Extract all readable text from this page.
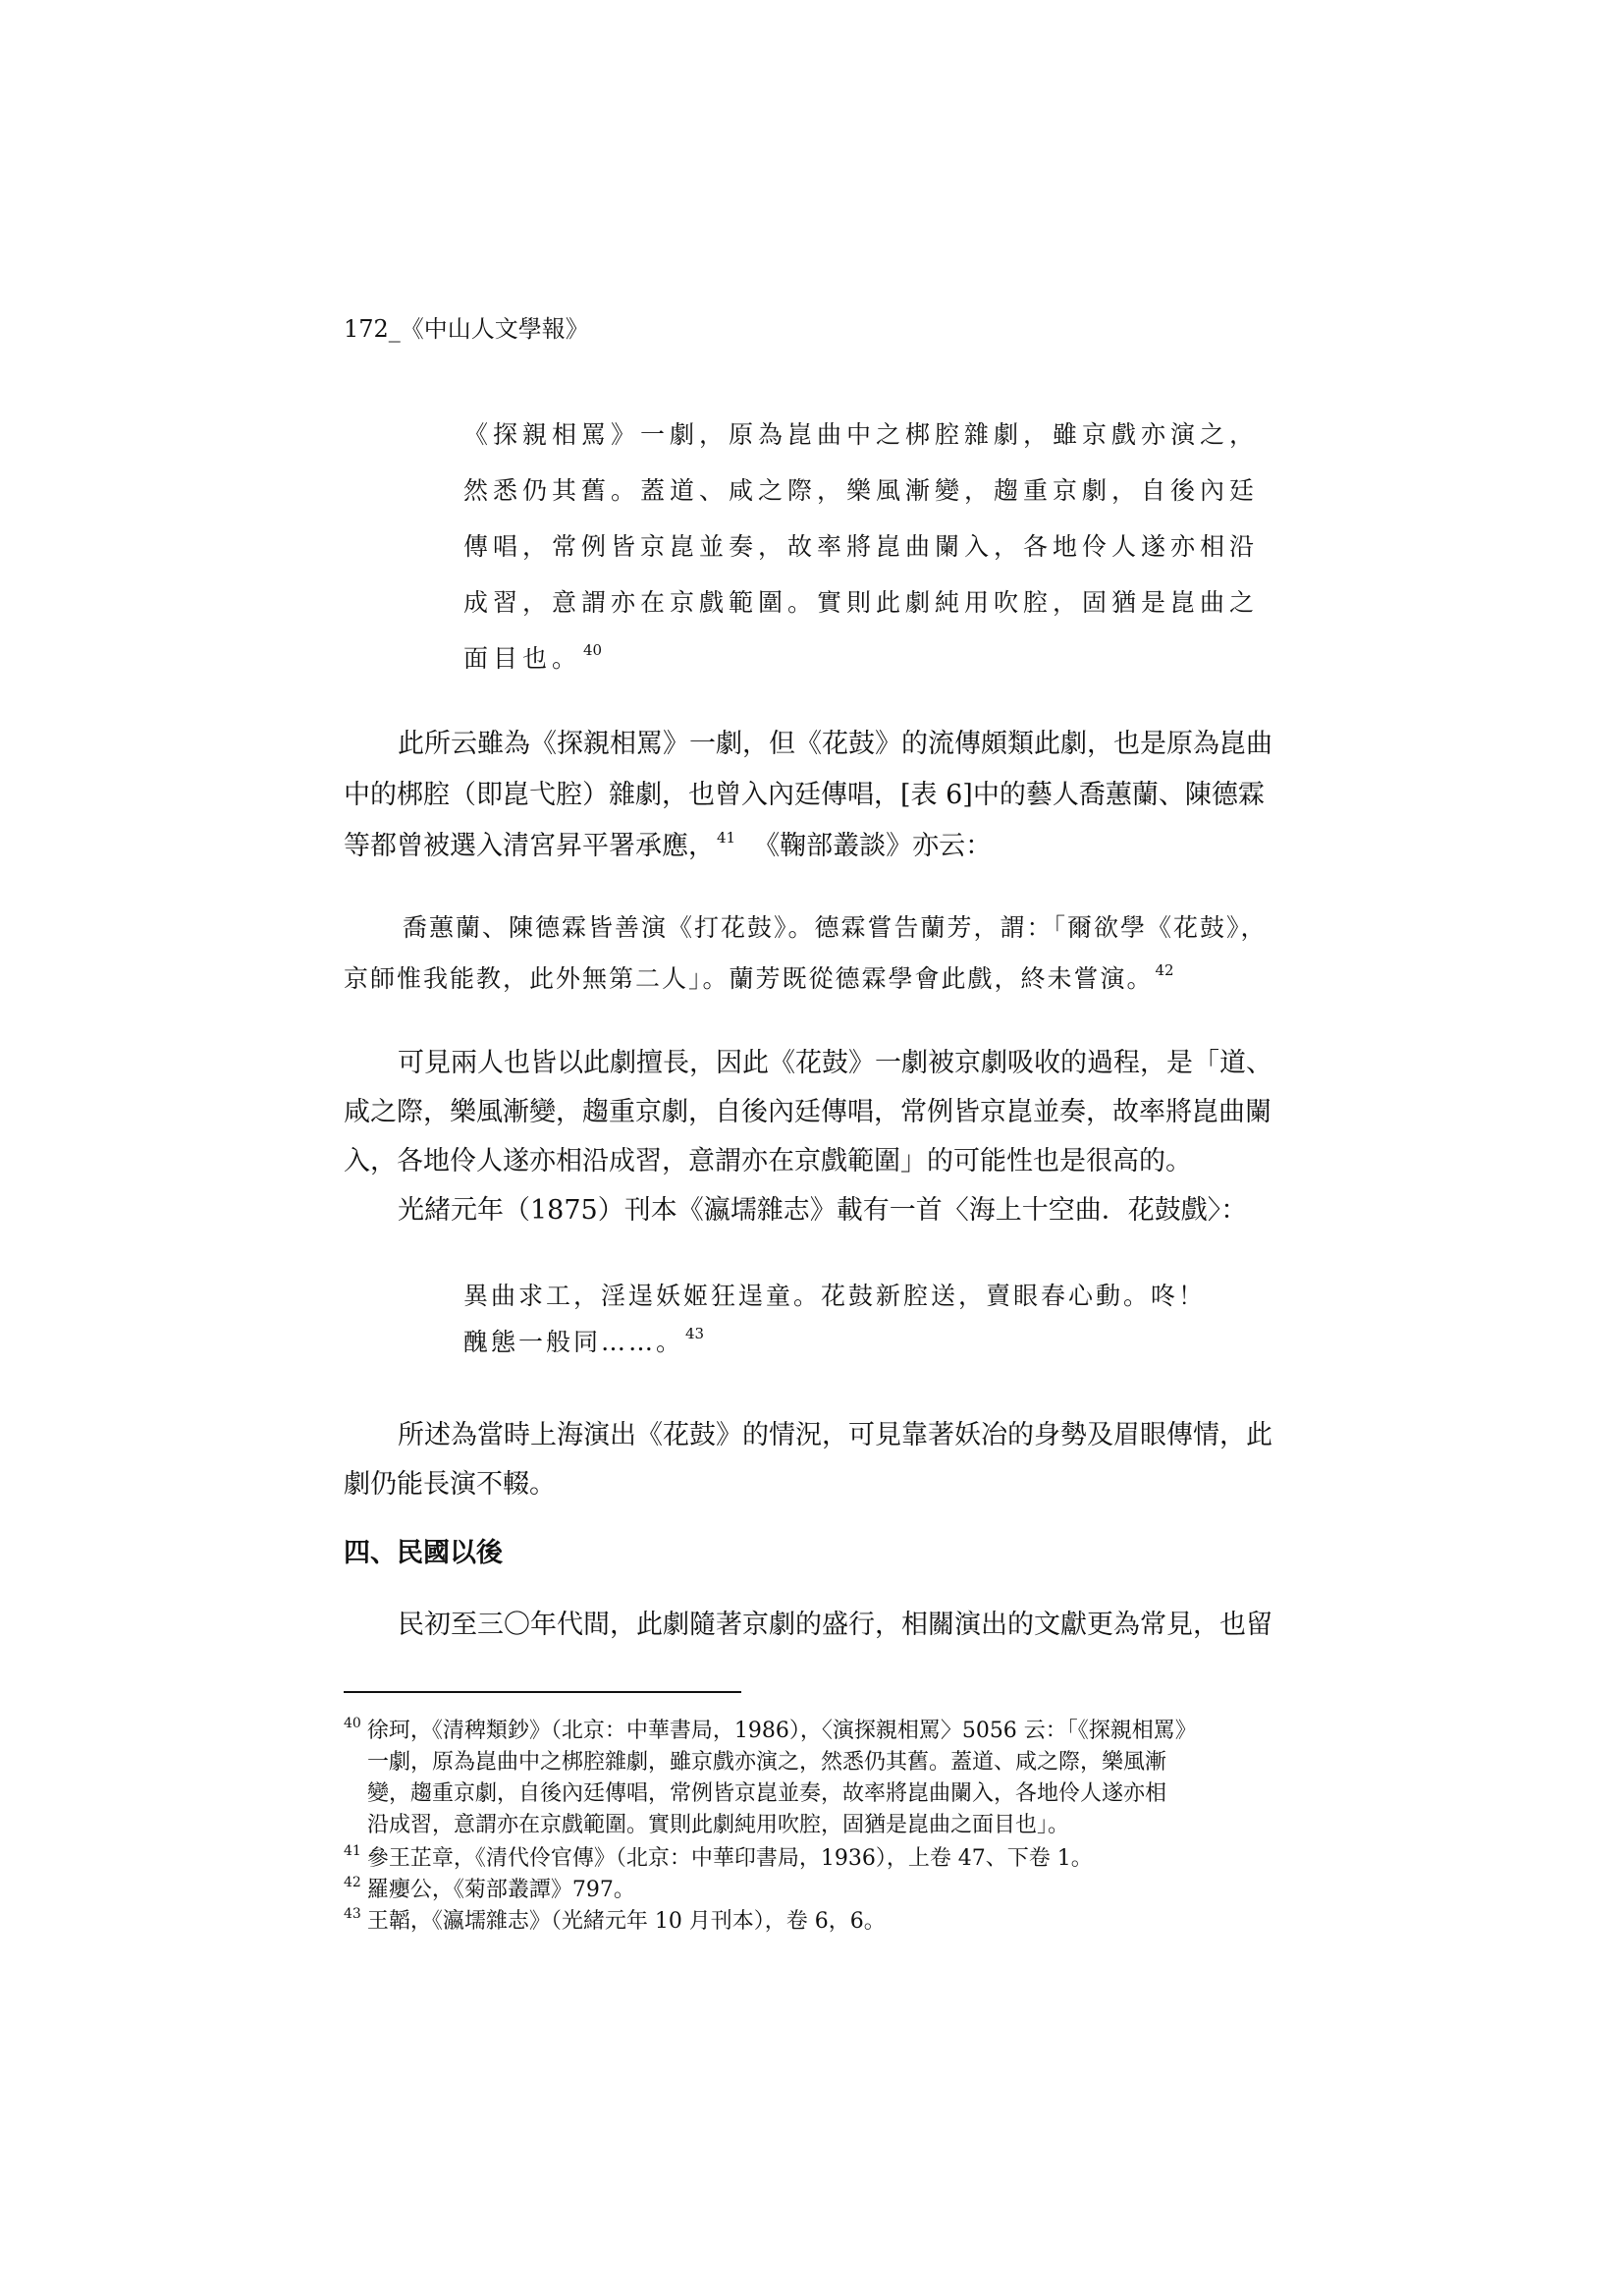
172_《中山人文學報》
《探親相罵》一劇，原為崑曲中之梆腔雜劇，雖京戲亦演之，
然悉仍其舊。蓋道、咸之際，樂風漸變，趨重京劇，自後內廷
傳唱，常例皆京崑並奏，故率將崑曲闌入，各地伶人遂亦相沿
成習，意謂亦在京戲範圍。實則此劇純用吹腔，固猶是崑曲之
面目也。 $^{40}$
此所云雖為《探親相罵》一劇，但《花鼓》的流傳頗類此劇，也是原為崑曲
中的梆腔（即崑弋腔）雜劇，也曾入內廷傳唱，[表 6]中的藝人喬蕙蘭、陳德霖
等都曾被選入清宮昇平署承應， $^{41}$ 《鞠部叢談》亦云：
喬蕙蘭、陳德霖皆善演《打花鼓》。德霖嘗告蘭芳，謂：「爾欲學《花鼓》，
京師惟我能教，此外無第二人」。蘭芳既從德霖學會此戲，終未嘗演。 $^{42}$
可見兩人也皆以此劇擅長，因此《花鼓》一劇被京劇吸收的過程，是「道、
咸之際，樂風漸變，趨重京劇，自後內廷傳唱，常例皆京崑並奏，故率將崑曲闌
入，各地伶人遂亦相沿成習，意謂亦在京戲範圍」的可能性也是很高的。
光緒元年（1875）刊本《瀛壖雜志》載有一首〈海上十空曲．花鼓戲〉：
異曲求工，淫逞妖姬狂逞童。花鼓新腔送，賣眼春心動。咚！
醜態一般同……。 $^{43}$
所述為當時上海演出《花鼓》的情況，可見靠著妖冶的身勢及眉眼傳情，此
劇仍能長演不輟。
四、民國以後
民初至三〇年代間，此劇隨著京劇的盛行，相關演出的文獻更為常見，也留
$^{40}$ 徐珂，《清稗類鈔》（北京：中華書局，1986），〈演探親相罵〉5056 云：「《探親相罵》
一劇，原為崑曲中之梆腔雜劇，雖京戲亦演之，然悉仍其舊。蓋道、咸之際，樂風漸
變，趨重京劇，自後內廷傳唱，常例皆京崑並奏，故率將崑曲闌入，各地伶人遂亦相
沿成習，意謂亦在京戲範圍。實則此劇純用吹腔，固猶是崑曲之面目也」。
$^{41}$ 參王芷章，《清代伶官傳》（北京：中華印書局，1936），上卷 47、下卷 1。
$^{42}$ 羅癭公，《菊部叢譚》797。
$^{43}$ 王韜，《瀛壖雜志》（光緒元年 10 月刊本），卷 6，6。
